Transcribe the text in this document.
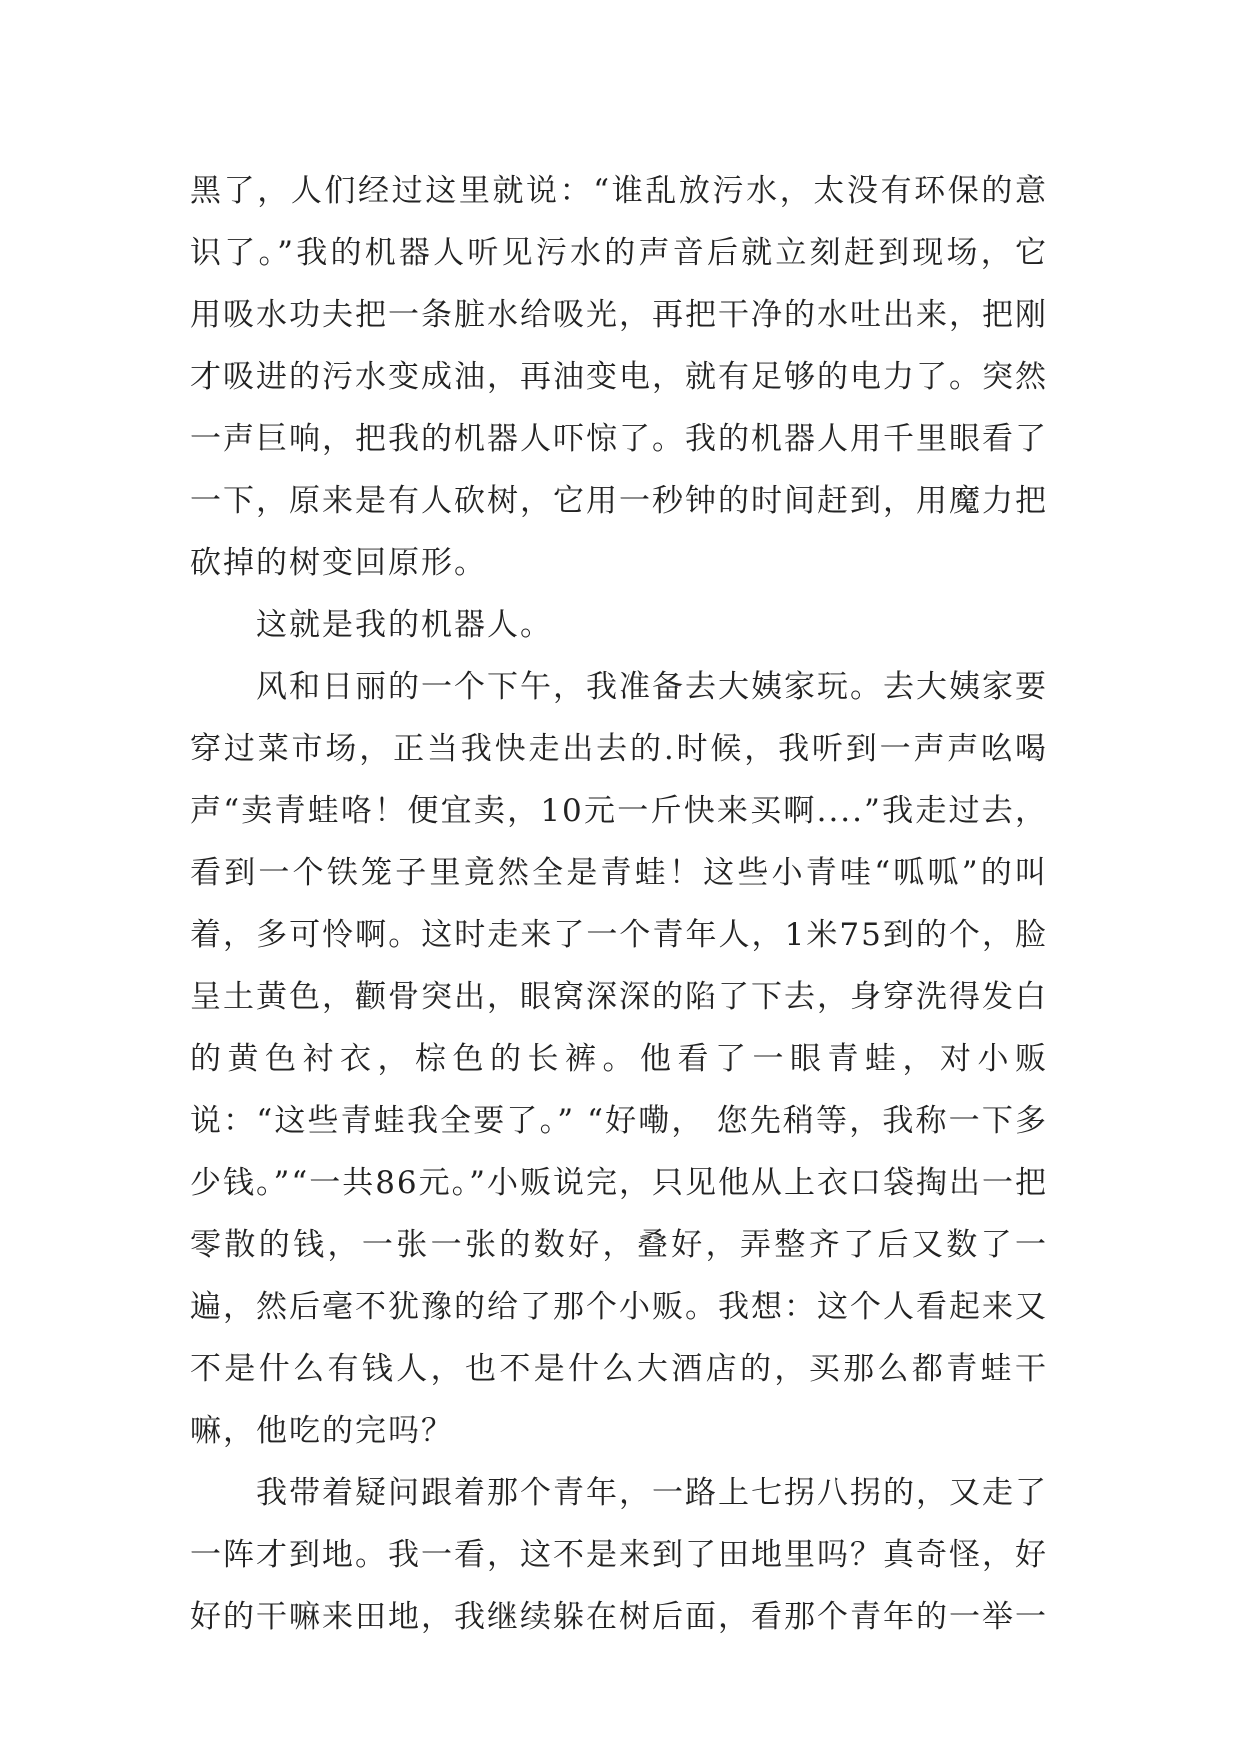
黑了，人们经过这里就说：“谁乱放污水，太没有环保的意识了。”我的机器人听见污水的声音后就立刻赶到现场，它用吸水功夫把一条脏水给吸光，再把干净的水吐出来，把刚才吸进的污水变成油，再油变电，就有足够的电力了。突然一声巨响，把我的机器人吓惊了。我的机器人用千里眼看了一下，原来是有人砍树，它用一秒钟的时间赶到，用魔力把砍掉的树变回原形。

这就是我的机器人。

风和日丽的一个下午，我准备去大姨家玩。去大姨家要穿过菜市场，正当我快走出去的.时候，我听到一声声吆喝声“卖青蛙咯！便宜卖，10元一斤快来买啊....”我走过去，看到一个铁笼子里竟然全是青蛙！这些小青哇“呱呱”的叫着，多可怜啊。这时走来了一个青年人，1米75到的个，脸呈土黄色，颧骨突出，眼窝深深的陷了下去，身穿洗得发白的黄色衬衣，棕色的长裤。他看了一眼青蛙，对小贩说：“这些青蛙我全要了。” “好嘞， 您先稍等，我称一下多少钱。”“一共86元。”小贩说完，只见他从上衣口袋掏出一把零散的钱，一张一张的数好，叠好，弄整齐了后又数了一遍，然后毫不犹豫的给了那个小贩。我想：这个人看起来又不是什么有钱人，也不是什么大酒店的，买那么都青蛙干嘛，他吃的完吗？

我带着疑问跟着那个青年，一路上七拐八拐的，又走了一阵才到地。我一看，这不是来到了田地里吗？真奇怪，好好的干嘛来田地，我继续躲在树后面，看那个青年的一举一
